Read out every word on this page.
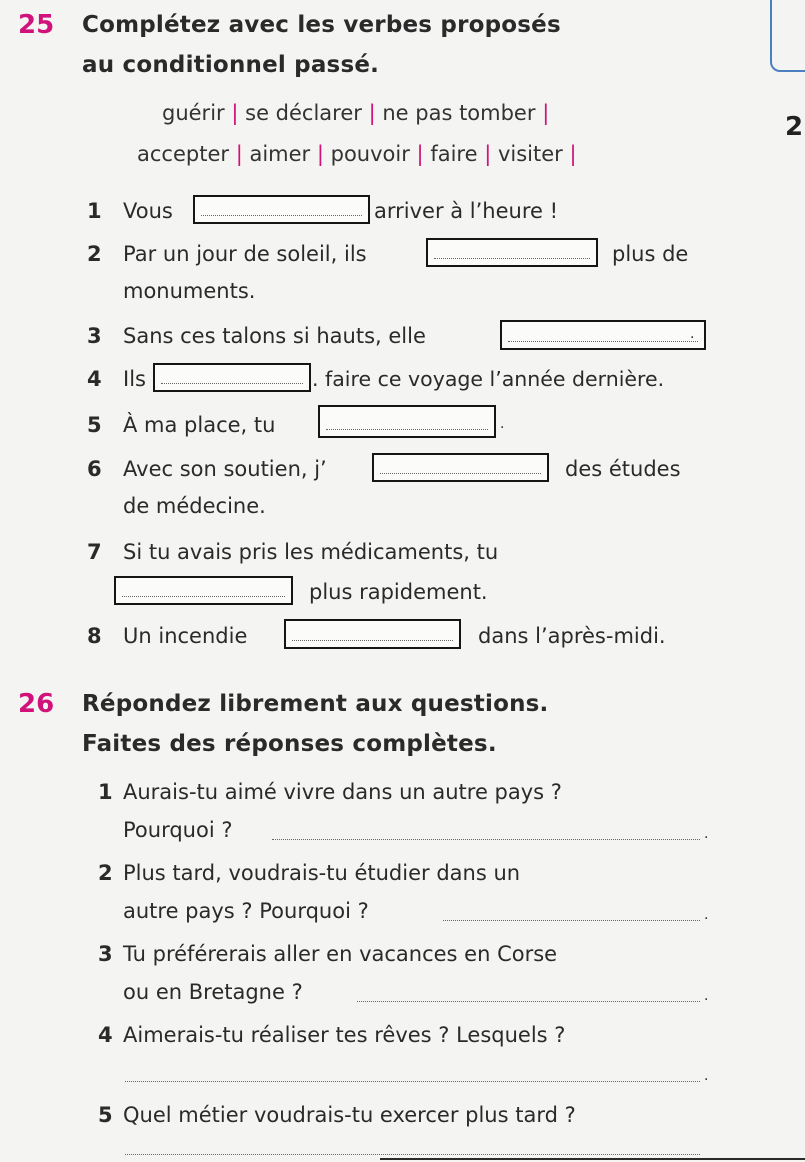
2
25 Complétez avec les verbes proposés
au conditionnel passé.
guérir | se déclarer | ne pas tomber |
accepter | aimer | pouvoir | faire | visiter |
1 Vous	arriver à l’heure !
2 Par un jour de soleil, ils	plus de
monuments.
3 Sans ces talons si hauts, elle	.
4 Ils	. faire ce voyage l’année dernière.
5 À ma place, tu	.
6 Avec son soutien, j’	des études
de médecine.
7 Si tu avais pris les médicaments, tu
plus rapidement.
8 Un incendie	dans l’après-midi.
26 Répondez librement aux questions.
Faites des réponses complètes.
1 Aurais-tu aimé vivre dans un autre pays ?
Pourquoi ?	.
2 Plus tard, voudrais-tu étudier dans un
autre pays ? Pourquoi ?	.
3 Tu préférerais aller en vacances en Corse
ou en Bretagne ?	.
4 Aimerais-tu réaliser tes rêves ? Lesquels ?
.
5 Quel métier voudrais-tu exercer plus tard ?
